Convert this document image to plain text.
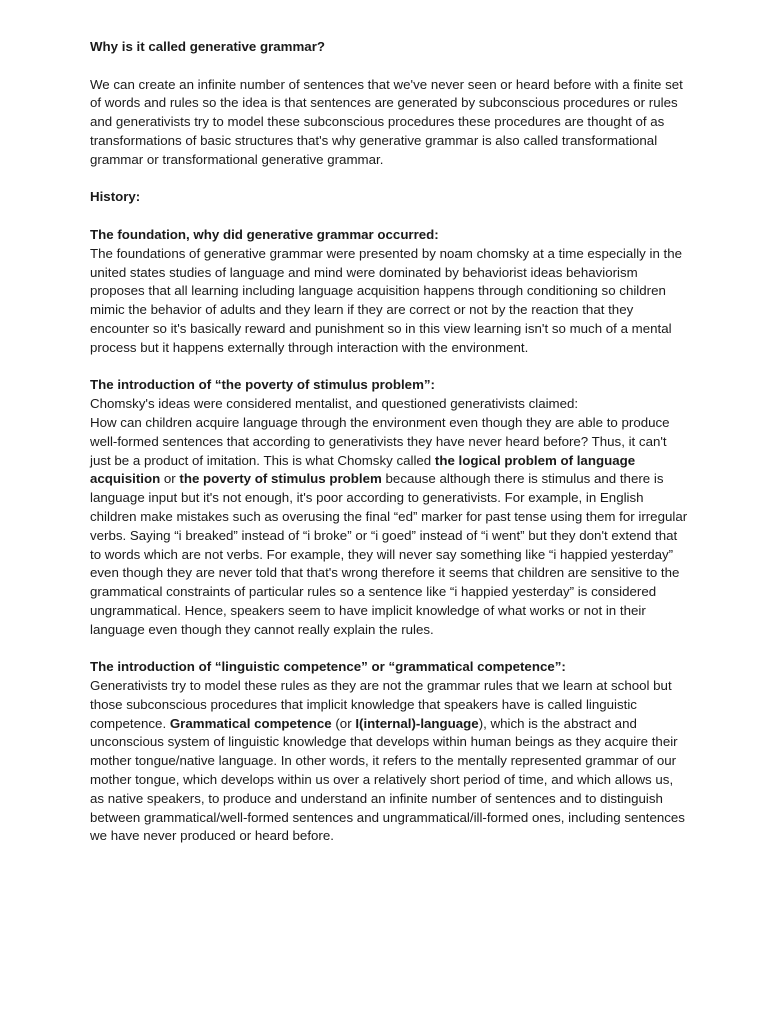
Why is it called generative grammar?

We can create an infinite number of sentences that we've never seen or heard before with a finite set of words and rules so the idea is that sentences are generated by subconscious procedures or rules and generativists try to model these subconscious procedures these procedures are thought of as transformations of basic structures that's why generative grammar is also called transformational grammar or transformational generative grammar.

History:

The foundation, why did generative grammar occurred:

The foundations of generative grammar were presented by noam chomsky at a time especially in the united states studies of language and mind were dominated by behaviorist ideas behaviorism proposes that all learning including language acquisition happens through conditioning so children mimic the behavior of adults and they learn if they are correct or not by the reaction that they encounter so it's basically reward and punishment so in this view learning isn't so much of a mental process but it happens externally through interaction with the environment.

The introduction of “the poverty of stimulus problem”:

Chomsky's ideas were considered mentalist, and questioned generativists claimed:

How can children acquire language through the environment even though they are able to produce well-formed sentences that according to generativists they have never heard before? Thus, it can't just be a product of imitation. This is what Chomsky called the logical problem of language acquisition or the poverty of stimulus problem because although there is stimulus and there is language input but it's not enough, it's poor according to generativists. For example, in English children make mistakes such as overusing the final “ed” marker for past tense using them for irregular verbs. Saying “i breaked” instead of “i broke” or “i goed” instead of “i went” but they don't extend that to words which are not verbs. For example, they will never say something like “i happied yesterday” even though they are never told that that's wrong therefore it seems that children are sensitive to the grammatical constraints of particular rules so a sentence like “i happied yesterday” is considered ungrammatical. Hence, speakers seem to have implicit knowledge of what works or not in their language even though they cannot really explain the rules.

The introduction of “linguistic competence” or “grammatical competence”:

Generativists try to model these rules as they are not the grammar rules that we learn at school but those subconscious procedures that implicit knowledge that speakers have is called linguistic competence. Grammatical competence (or I(internal)-language), which is the abstract and unconscious system of linguistic knowledge that develops within human beings as they acquire their mother tongue/native language. In other words, it refers to the mentally represented grammar of our mother tongue, which develops within us over a relatively short period of time, and which allows us, as native speakers, to produce and understand an infinite number of sentences and to distinguish between grammatical/well-formed sentences and ungrammatical/ill-formed ones, including sentences we have never produced or heard before.
